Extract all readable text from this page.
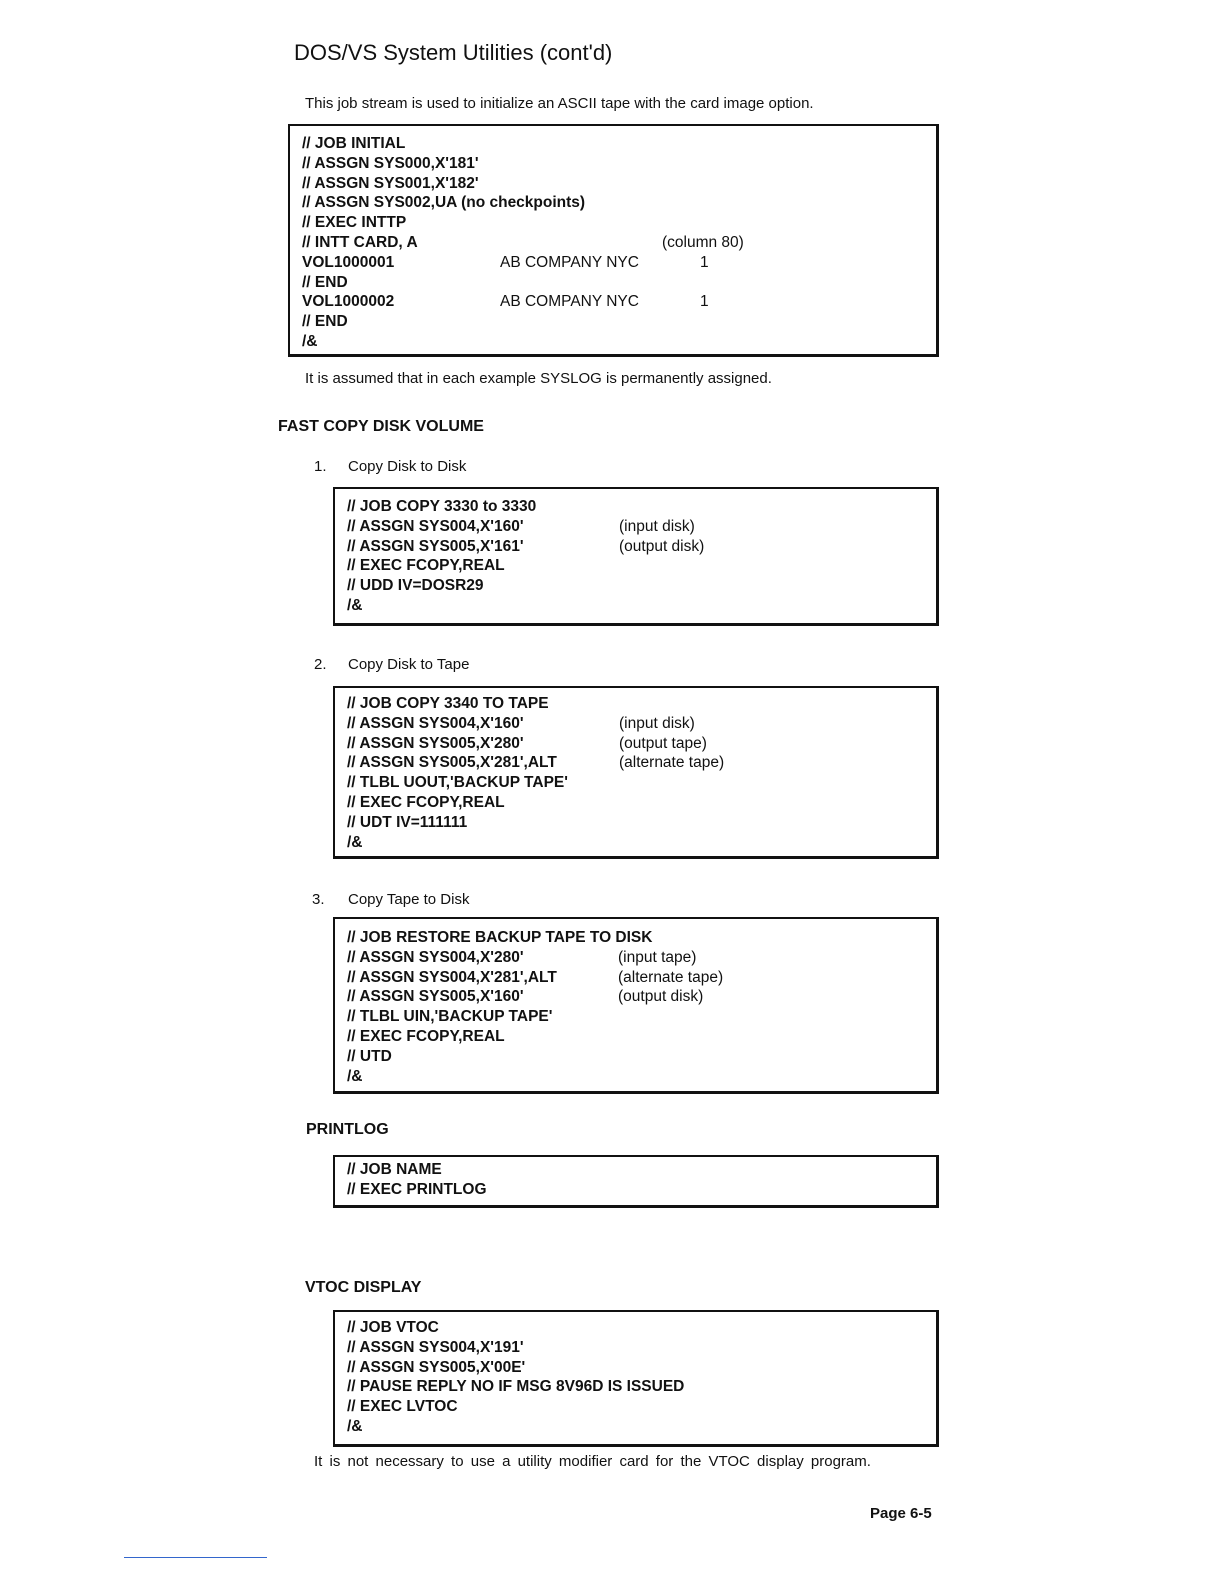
DOS/VS System Utilities (cont'd)
This job stream is used to initialize an ASCII tape with the card image option.
// JOB INITIAL
// ASSGN SYS000,X'181'
// ASSGN SYS001,X'182'
// ASSGN SYS002,UA (no checkpoints)
// EXEC INTTP
// INTT CARD, A	(column 80)
VOL1000001	AB COMPANY NYC	1
// END
VOL1000002	AB COMPANY NYC	1
// END
/&
It is assumed that in each example SYSLOG is permanently assigned.
FAST COPY DISK VOLUME
1. Copy Disk to Disk
// JOB COPY 3330 to 3330
// ASSGN SYS004,X'160'	(input disk)
// ASSGN SYS005,X'161'	(output disk)
// EXEC FCOPY,REAL
// UDD IV=DOSR29
/&
2. Copy Disk to Tape
// JOB COPY 3340 TO TAPE
// ASSGN SYS004,X'160'	(input disk)
// ASSGN SYS005,X'280'	(output tape)
// ASSGN SYS005,X'281',ALT	(alternate tape)
// TLBL UOUT,'BACKUP TAPE'
// EXEC FCOPY,REAL
// UDT IV=111111
/&
3. Copy Tape to Disk
// JOB RESTORE BACKUP TAPE TO DISK
// ASSGN SYS004,X'280'	(input tape)
// ASSGN SYS004,X'281',ALT	(alternate tape)
// ASSGN SYS005,X'160'	(output disk)
// TLBL UIN,'BACKUP TAPE'
// EXEC FCOPY,REAL
// UTD
/&
PRINTLOG
// JOB NAME
// EXEC PRINTLOG
VTOC DISPLAY
// JOB VTOC
// ASSGN SYS004,X'191'
// ASSGN SYS005,X'00E'
// PAUSE REPLY NO IF MSG 8V96D IS ISSUED
// EXEC LVTOC
/&
It is not necessary to use a utility modifier card for the VTOC display program.
Page 6-5
